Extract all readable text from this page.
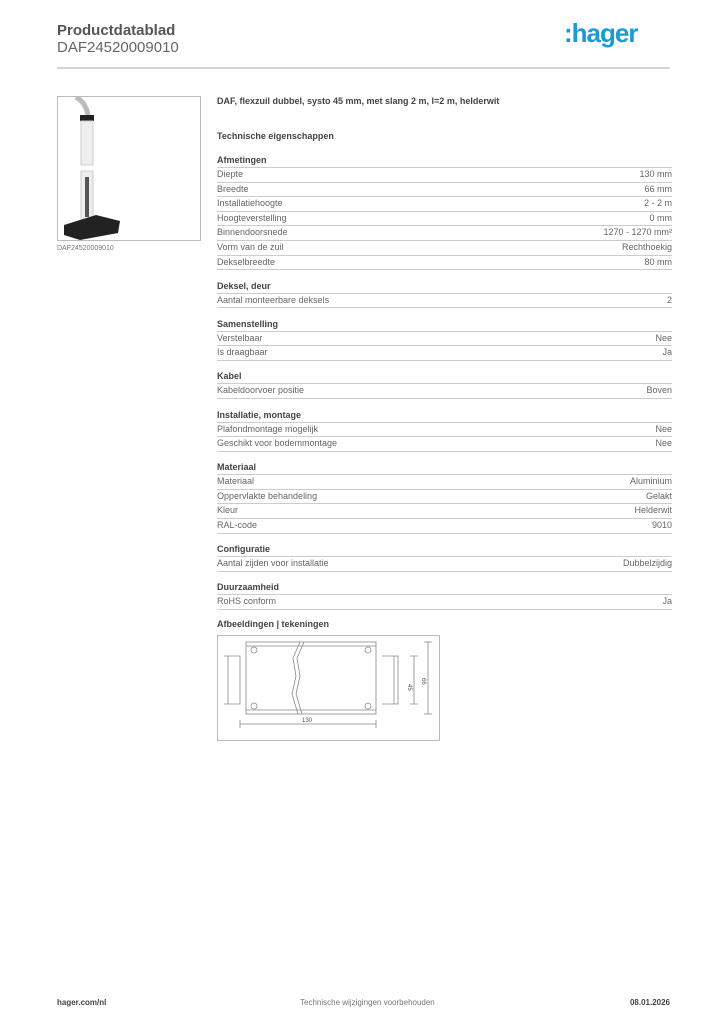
Productdatablad
DAF24520009010	:hager
DAF24520009010
DAF, flexzuil dubbel, systo 45 mm, met slang 2 m, l=2 m, helderwit
Technische eigenschappen
Afmetingen
Diepte	130 mm
Breedte	66 mm
Installatiehoogte	2 - 2 m
Hoogteverstelling	0 mm
Binnendoorsnede	1270 - 1270 mm²
Vorm van de zuil	Rechthoekig
Dekselbreedte	80 mm
Deksel, deur
Aantal monteerbare deksels	2
Samenstelling
Verstelbaar	Nee
Is draagbaar	Ja
Kabel
Kabeldoorvoer positie	Boven
Installatie, montage
Plafondmontage mogelijk	Nee
Geschikt voor bodemmontage	Nee
Materiaal
Materiaal	Aluminium
Oppervlakte behandeling	Gelakt
Kleur	Helderwit
RAL-code	9010
Configuratie
Aantal zijden voor installatie	Dubbelzijdig
Duurzaamheid
RoHS conform	Ja
Afbeeldingen | tekeningen
130
45
66
hager.com/nl	Technische wijzigingen voorbehouden	08.01.2026
